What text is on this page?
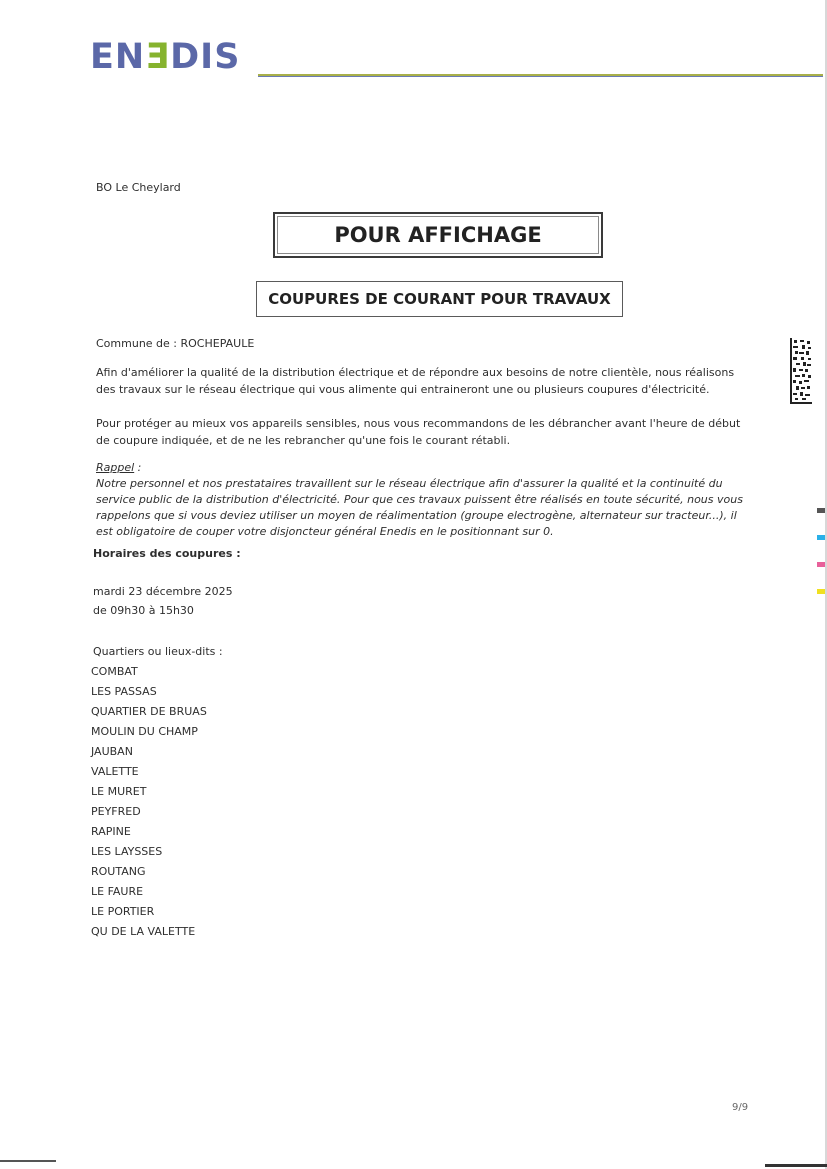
ENƎDIS
BO Le Cheylard
POUR AFFICHAGE
COUPURES DE COURANT POUR TRAVAUX
Commune de : ROCHEPAULE
Afin d'améliorer la qualité de la distribution électrique et de répondre aux besoins de notre clientèle, nous réalisons des travaux sur le réseau électrique qui vous alimente qui entraineront une ou plusieurs coupures d'électricité.
Pour protéger au mieux vos appareils sensibles, nous vous recommandons de les débrancher avant l'heure de début de coupure indiquée, et de ne les rebrancher qu'une fois le courant rétabli.
Rappel :
Notre personnel et nos prestataires travaillent sur le réseau électrique afin d'assurer la qualité et la continuité du service public de la distribution d'électricité. Pour que ces travaux puissent être réalisés en toute sécurité, nous vous rappelons que si vous deviez utiliser un moyen de réalimentation (groupe electrogène, alternateur sur tracteur...), il est obligatoire de couper votre disjoncteur général Enedis en le positionnant sur 0.
Horaires des coupures :
mardi 23 décembre 2025
de 09h30 à 15h30
Quartiers ou lieux-dits :
COMBAT
LES PASSAS
QUARTIER DE BRUAS
MOULIN DU CHAMP
JAUBAN
VALETTE
LE MURET
PEYFRED
RAPINE
LES LAYSSES
ROUTANG
LE FAURE
LE PORTIER
QU DE LA VALETTE
9/9
